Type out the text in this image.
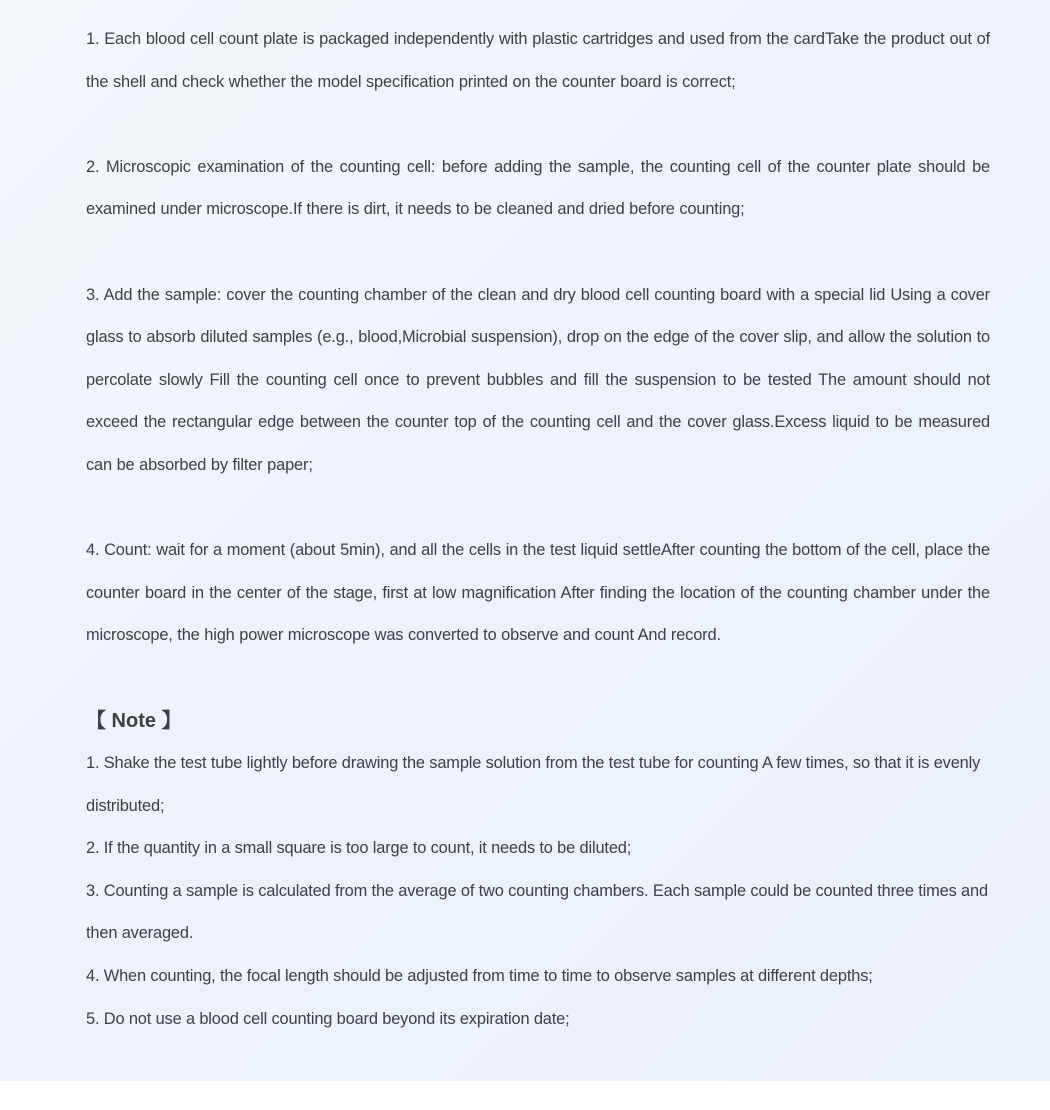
1. Each blood cell count plate is packaged independently with plastic cartridges and used from the cardTake the product out of the shell and check whether the model specification printed on the counter board is correct;

2. Microscopic examination of the counting cell: before adding the sample, the counting cell of the counter plate should be examined under microscope.If there is dirt, it needs to be cleaned and dried before counting;

3. Add the sample: cover the counting chamber of the clean and dry blood cell counting board with a special lid Using a cover glass to absorb diluted samples (e.g., blood,Microbial suspension), drop on the edge of the cover slip, and allow the solution to percolate slowly Fill the counting cell once to prevent bubbles and fill the suspension to be tested The amount should not exceed the rectangular edge between the counter top of the counting cell and the cover glass.Excess liquid to be measured can be absorbed by filter paper;

4. Count: wait for a moment (about 5min), and all the cells in the test liquid settleAfter counting the bottom of the cell, place the counter board in the center of the stage, first at low magnification After finding the location of the counting chamber under the microscope, the high power microscope was converted to observe and count And record.

【 Note 】

1. Shake the test tube lightly before drawing the sample solution from the test tube for counting A few times, so that it is evenly distributed;

2. If the quantity in a small square is too large to count, it needs to be diluted;

3. Counting a sample is calculated from the average of two counting chambers. Each sample could be counted three times and then averaged.

4. When counting, the focal length should be adjusted from time to time to observe samples at different depths;

5. Do not use a blood cell counting board beyond its expiration date;
